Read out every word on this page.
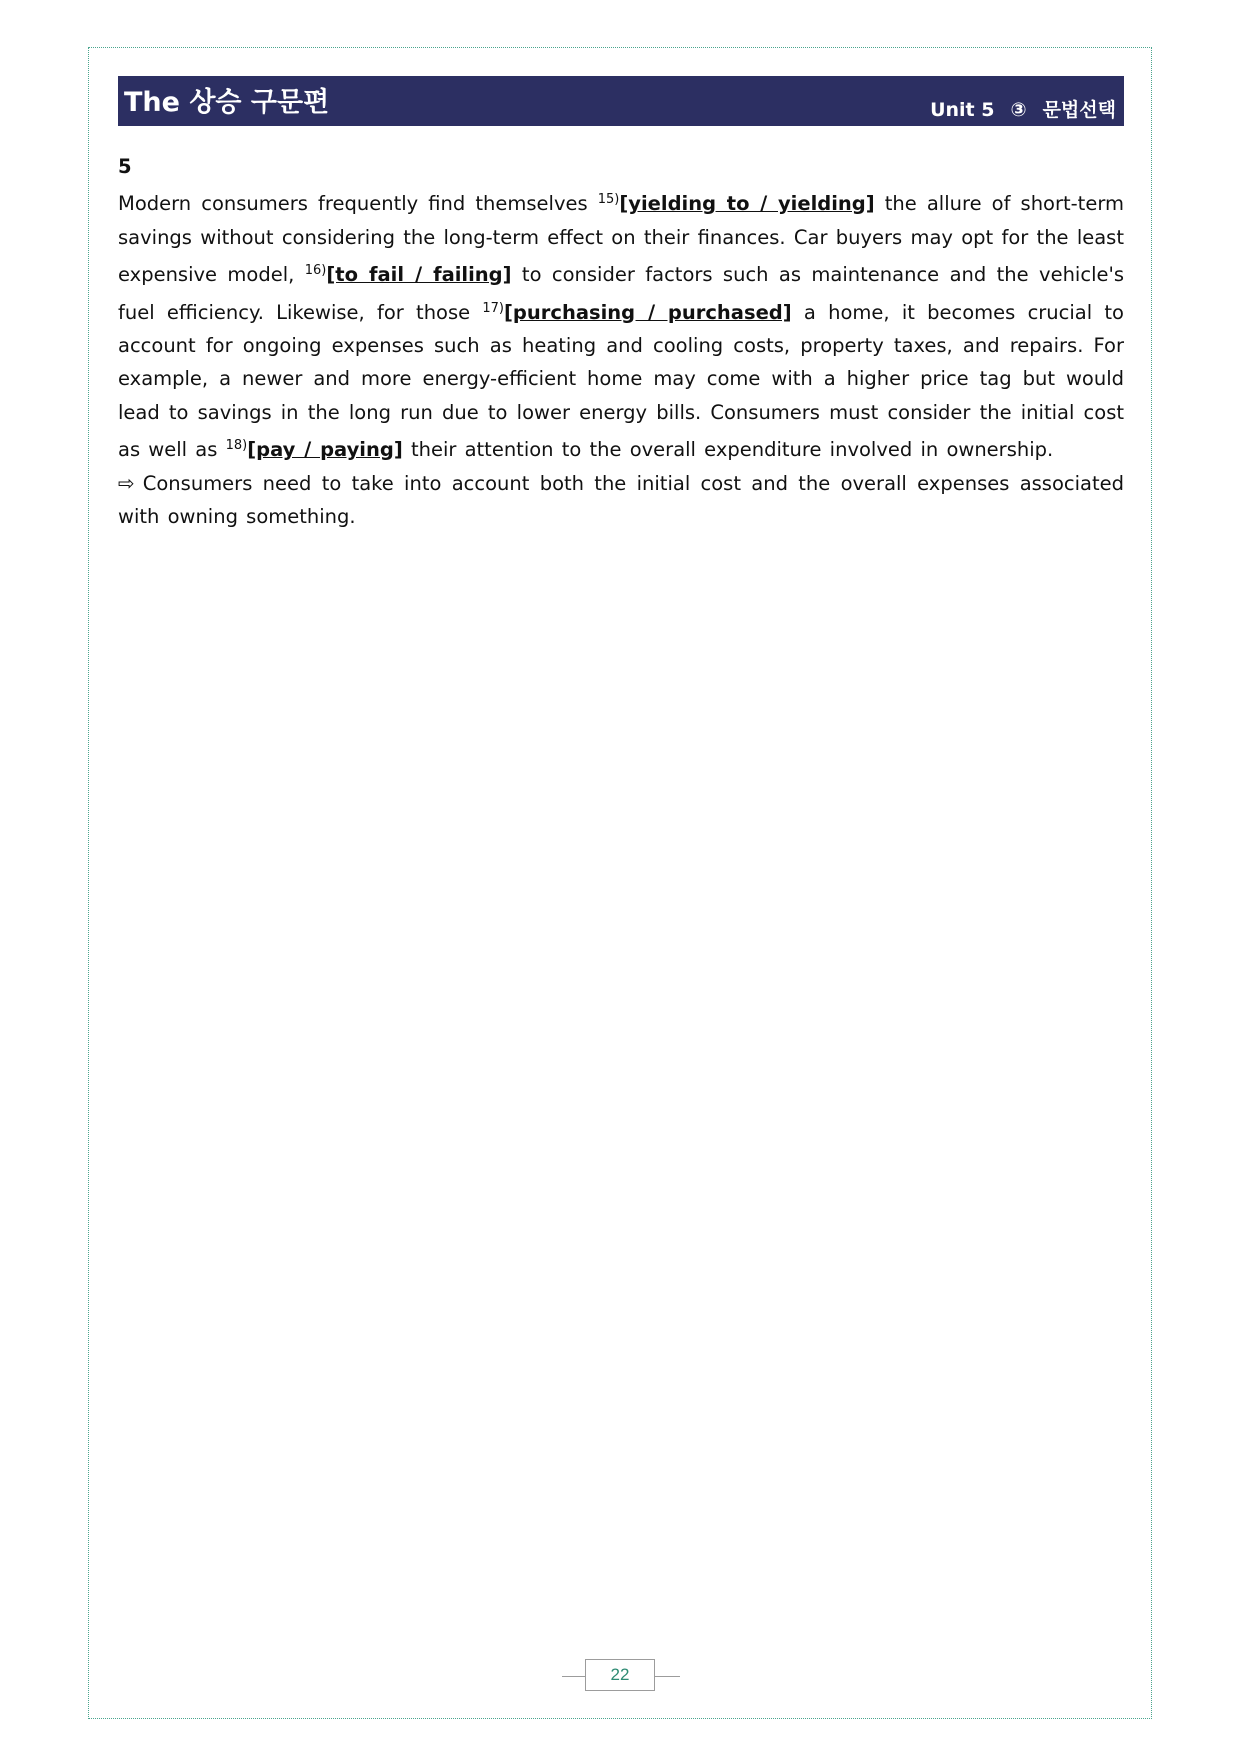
The 상승 구문편	Unit 5 ③ 문법선택

5

Modern consumers frequently find themselves $^{15)}$[yielding to / yielding] the allure of short-term savings without considering the long-term effect on their finances. Car buyers may opt for the least expensive model, $^{16)}$[to fail / failing] to consider factors such as maintenance and the vehicle's fuel efficiency. Likewise, for those $^{17)}$[purchasing / purchased] a home, it becomes crucial to account for ongoing expenses such as heating and cooling costs, property taxes, and repairs. For example, a newer and more energy-efficient home may come with a higher price tag but would lead to savings in the long run due to lower energy bills. Consumers must consider the initial cost as well as $^{18)}$[pay / paying] their attention to the overall expenditure involved in ownership.

⇨ Consumers need to take into account both the initial cost and the overall expenses associated with owning something.

22
